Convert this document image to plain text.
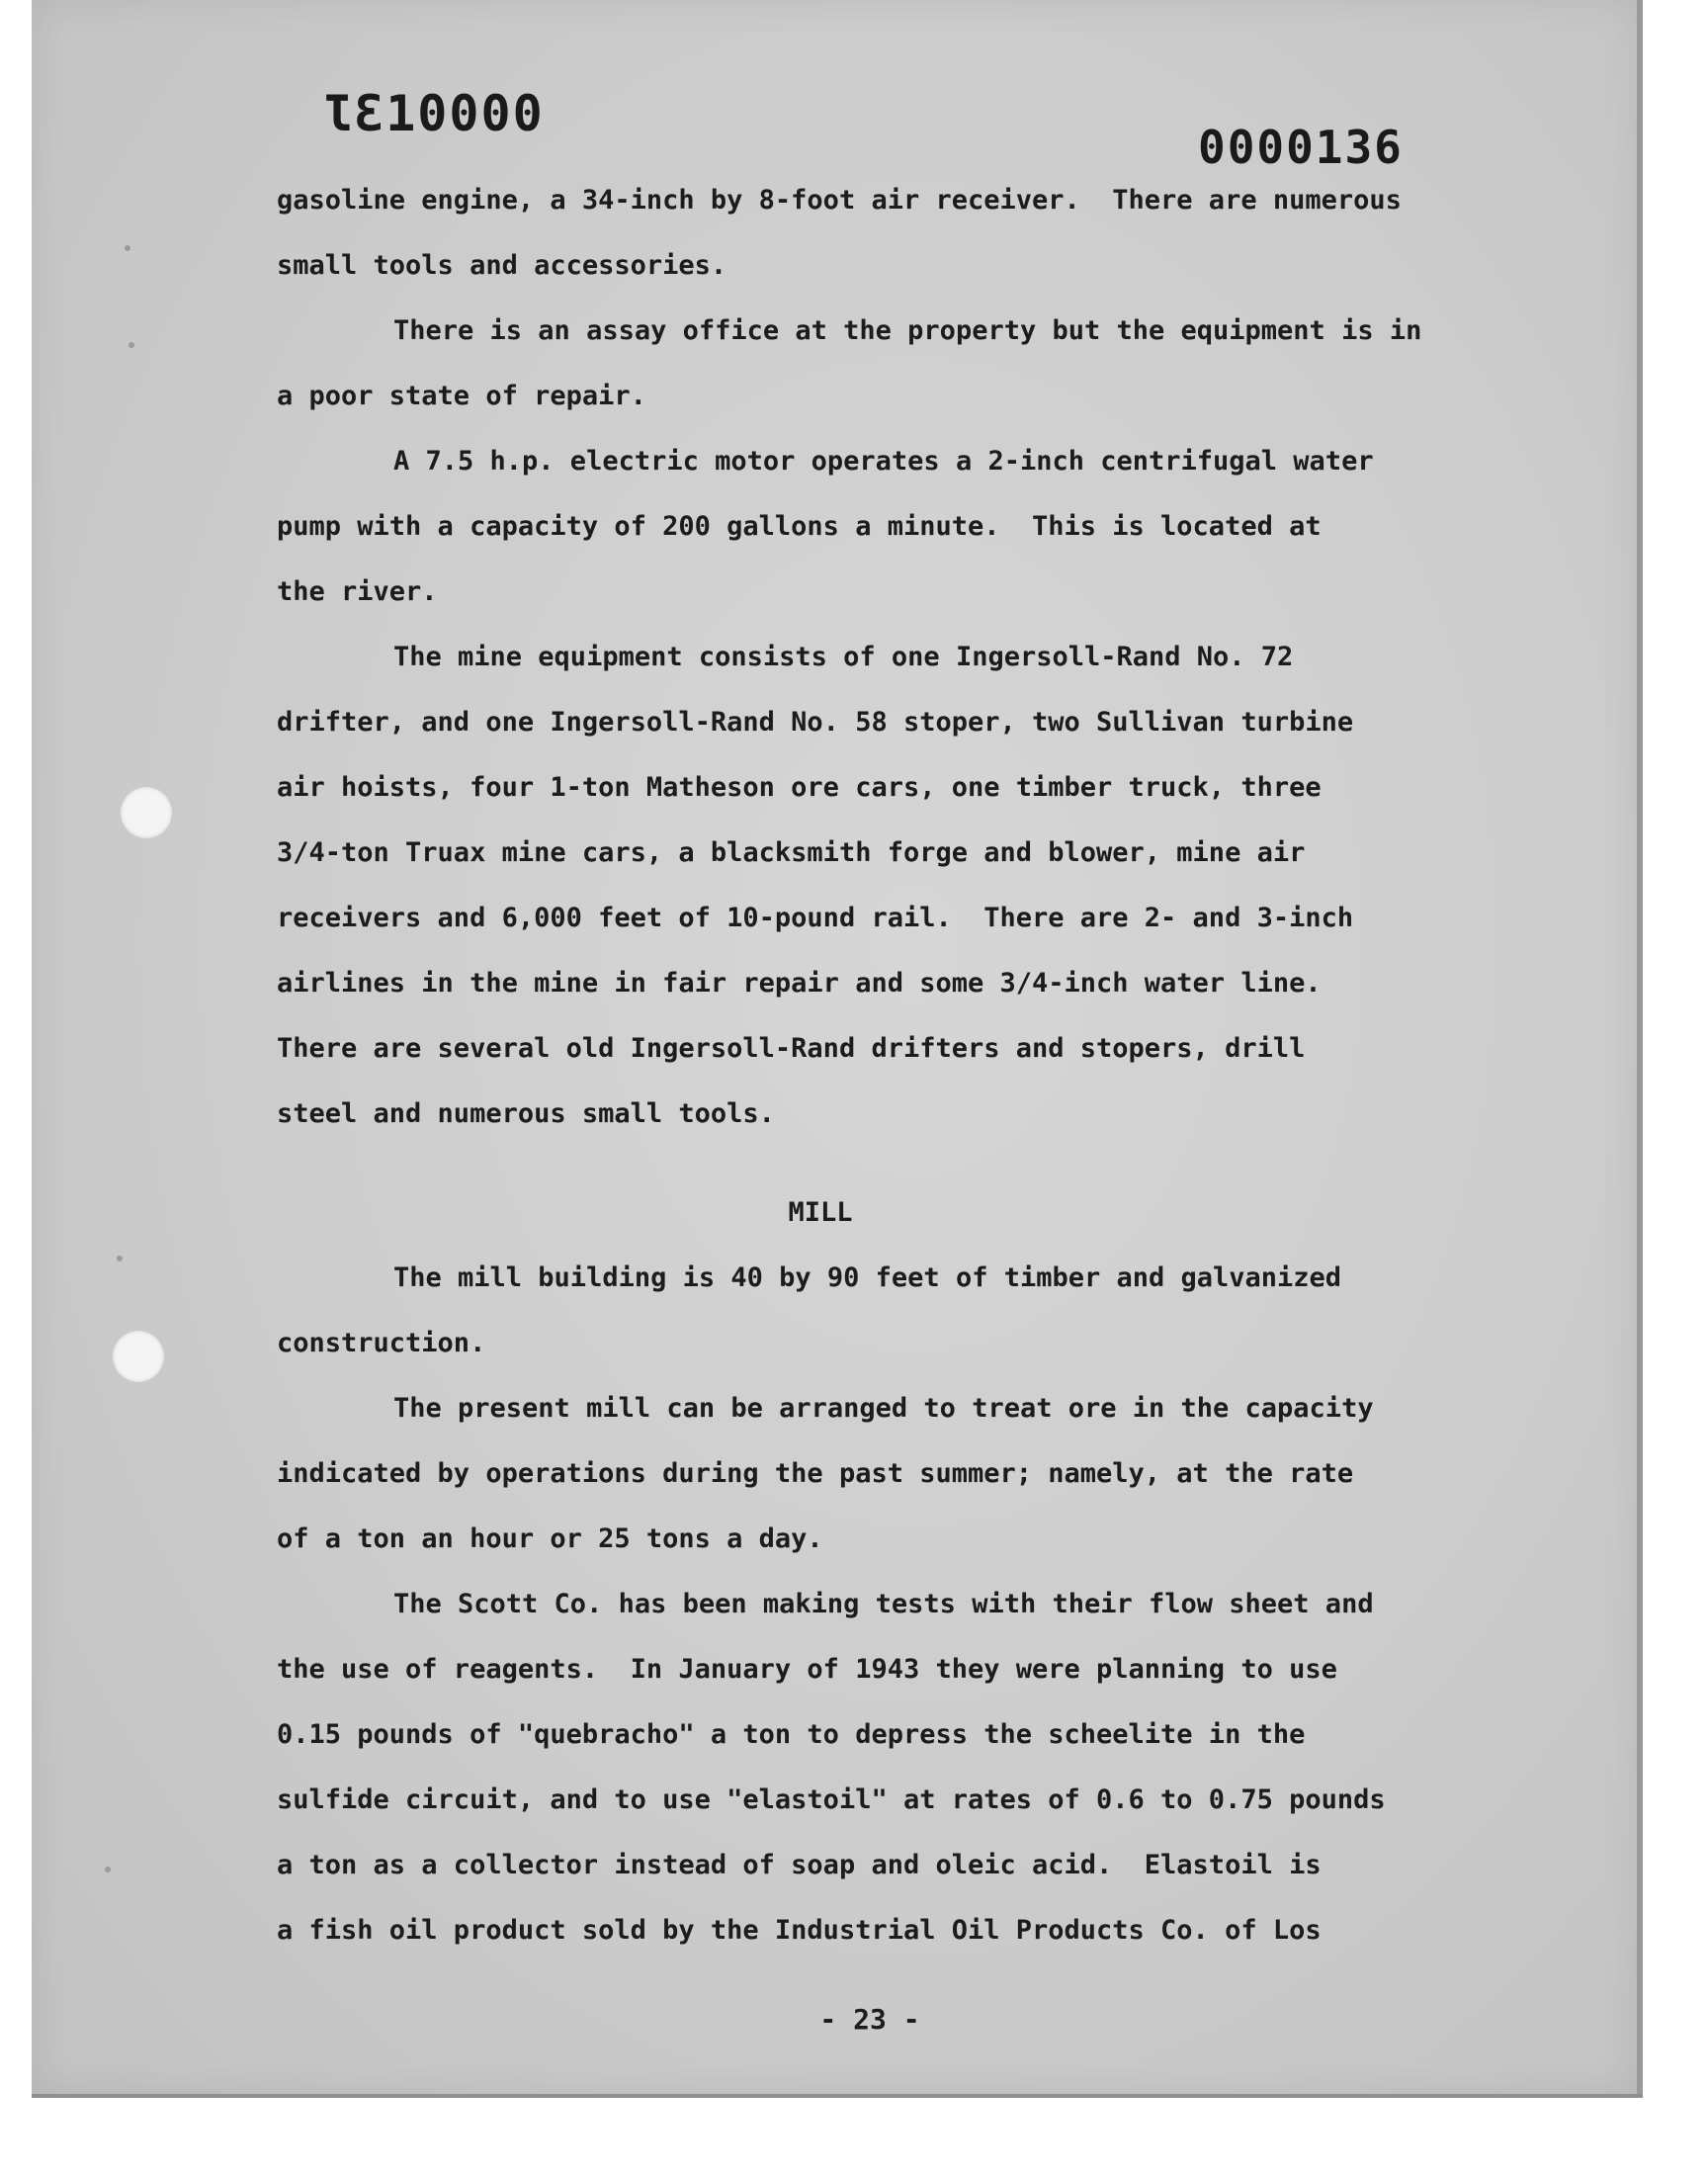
ƖƐ10000
0000136
gasoline engine, a 34-inch by 8-foot air receiver.  There are numerous
small tools and accessories.
There is an assay office at the property but the equipment is in
a poor state of repair.
A 7.5 h.p. electric motor operates a 2-inch centrifugal water
pump with a capacity of 200 gallons a minute.  This is located at
the river.
The mine equipment consists of one Ingersoll-Rand No. 72
drifter, and one Ingersoll-Rand No. 58 stoper, two Sullivan turbine
air hoists, four 1-ton Matheson ore cars, one timber truck, three
3/4-ton Truax mine cars, a blacksmith forge and blower, mine air
receivers and 6,000 feet of 10-pound rail.  There are 2- and 3-inch
airlines in the mine in fair repair and some 3/4-inch water line.
There are several old Ingersoll-Rand drifters and stopers, drill
steel and numerous small tools.
MILL
The mill building is 40 by 90 feet of timber and galvanized
construction.
The present mill can be arranged to treat ore in the capacity
indicated by operations during the past summer; namely, at the rate
of a ton an hour or 25 tons a day.
The Scott Co. has been making tests with their flow sheet and
the use of reagents.  In January of 1943 they were planning to use
0.15 pounds of "quebracho" a ton to depress the scheelite in the
sulfide circuit, and to use "elastoil" at rates of 0.6 to 0.75 pounds
a ton as a collector instead of soap and oleic acid.  Elastoil is
a fish oil product sold by the Industrial Oil Products Co. of Los
- 23 -
